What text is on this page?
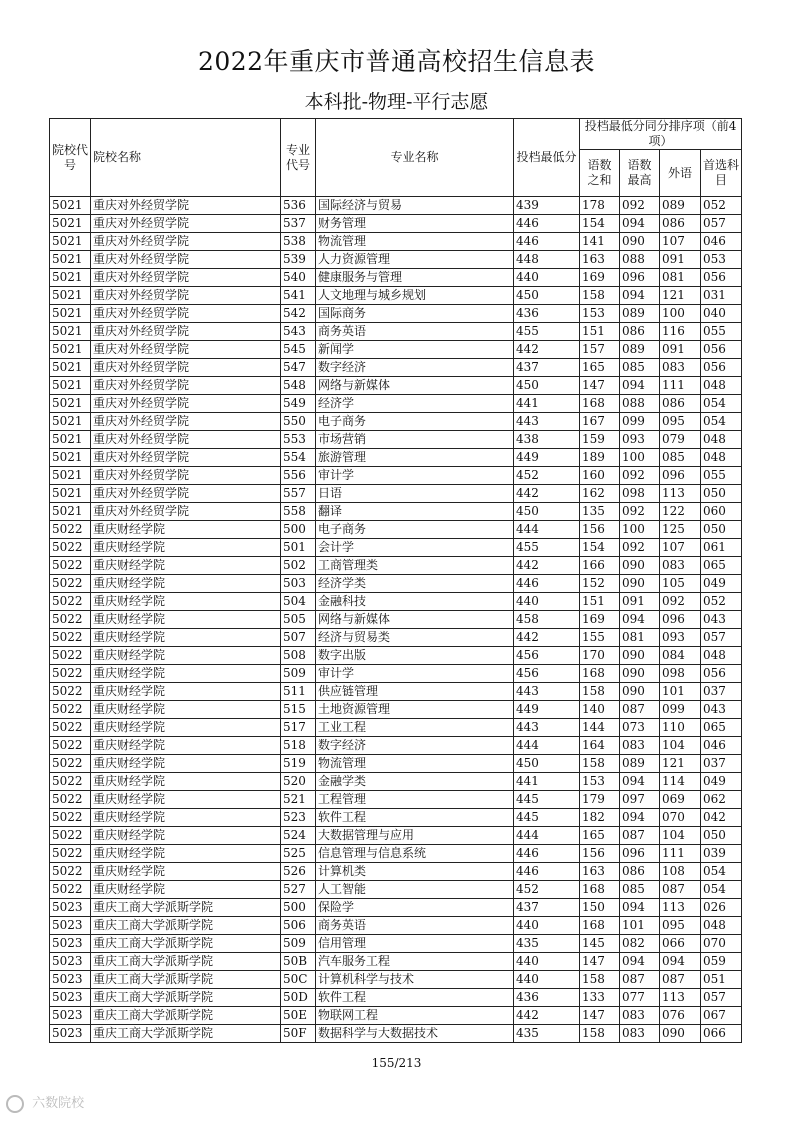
2022年重庆市普通高校招生信息表
本科批-物理-平行志愿
院校代号	院校名称	专业代号	专业名称	投档最低分	投档最低分同分排序项（前4项）			
					语数之和	语数最高	外语	首选科目
5021	重庆对外经贸学院	536	国际经济与贸易	439	178	092	089	052
5021	重庆对外经贸学院	537	财务管理	446	154	094	086	057
5021	重庆对外经贸学院	538	物流管理	446	141	090	107	046
5021	重庆对外经贸学院	539	人力资源管理	448	163	088	091	053
5021	重庆对外经贸学院	540	健康服务与管理	440	169	096	081	056
5021	重庆对外经贸学院	541	人文地理与城乡规划	450	158	094	121	031
5021	重庆对外经贸学院	542	国际商务	436	153	089	100	040
5021	重庆对外经贸学院	543	商务英语	455	151	086	116	055
5021	重庆对外经贸学院	545	新闻学	442	157	089	091	056
5021	重庆对外经贸学院	547	数字经济	437	165	085	083	056
5021	重庆对外经贸学院	548	网络与新媒体	450	147	094	111	048
5021	重庆对外经贸学院	549	经济学	441	168	088	086	054
5021	重庆对外经贸学院	550	电子商务	443	167	099	095	054
5021	重庆对外经贸学院	553	市场营销	438	159	093	079	048
5021	重庆对外经贸学院	554	旅游管理	449	189	100	085	048
5021	重庆对外经贸学院	556	审计学	452	160	092	096	055
5021	重庆对外经贸学院	557	日语	442	162	098	113	050
5021	重庆对外经贸学院	558	翻译	450	135	092	122	060
5022	重庆财经学院	500	电子商务	444	156	100	125	050
5022	重庆财经学院	501	会计学	455	154	092	107	061
5022	重庆财经学院	502	工商管理类	442	166	090	083	065
5022	重庆财经学院	503	经济学类	446	152	090	105	049
5022	重庆财经学院	504	金融科技	440	151	091	092	052
5022	重庆财经学院	505	网络与新媒体	458	169	094	096	043
5022	重庆财经学院	507	经济与贸易类	442	155	081	093	057
5022	重庆财经学院	508	数字出版	456	170	090	084	048
5022	重庆财经学院	509	审计学	456	168	090	098	056
5022	重庆财经学院	511	供应链管理	443	158	090	101	037
5022	重庆财经学院	515	土地资源管理	449	140	087	099	043
5022	重庆财经学院	517	工业工程	443	144	073	110	065
5022	重庆财经学院	518	数字经济	444	164	083	104	046
5022	重庆财经学院	519	物流管理	450	158	089	121	037
5022	重庆财经学院	520	金融学类	441	153	094	114	049
5022	重庆财经学院	521	工程管理	445	179	097	069	062
5022	重庆财经学院	523	软件工程	445	182	094	070	042
5022	重庆财经学院	524	大数据管理与应用	444	165	087	104	050
5022	重庆财经学院	525	信息管理与信息系统	446	156	096	111	039
5022	重庆财经学院	526	计算机类	446	163	086	108	054
5022	重庆财经学院	527	人工智能	452	168	085	087	054
5023	重庆工商大学派斯学院	500	保险学	437	150	094	113	026
5023	重庆工商大学派斯学院	506	商务英语	440	168	101	095	048
5023	重庆工商大学派斯学院	509	信用管理	435	145	082	066	070
5023	重庆工商大学派斯学院	50B	汽车服务工程	440	147	094	094	059
5023	重庆工商大学派斯学院	50C	计算机科学与技术	440	158	087	087	051
5023	重庆工商大学派斯学院	50D	软件工程	436	133	077	113	057
5023	重庆工商大学派斯学院	50E	物联网工程	442	147	083	076	067
5023	重庆工商大学派斯学院	50F	数据科学与大数据技术	435	158	083	090	066
155/213
六数院校
